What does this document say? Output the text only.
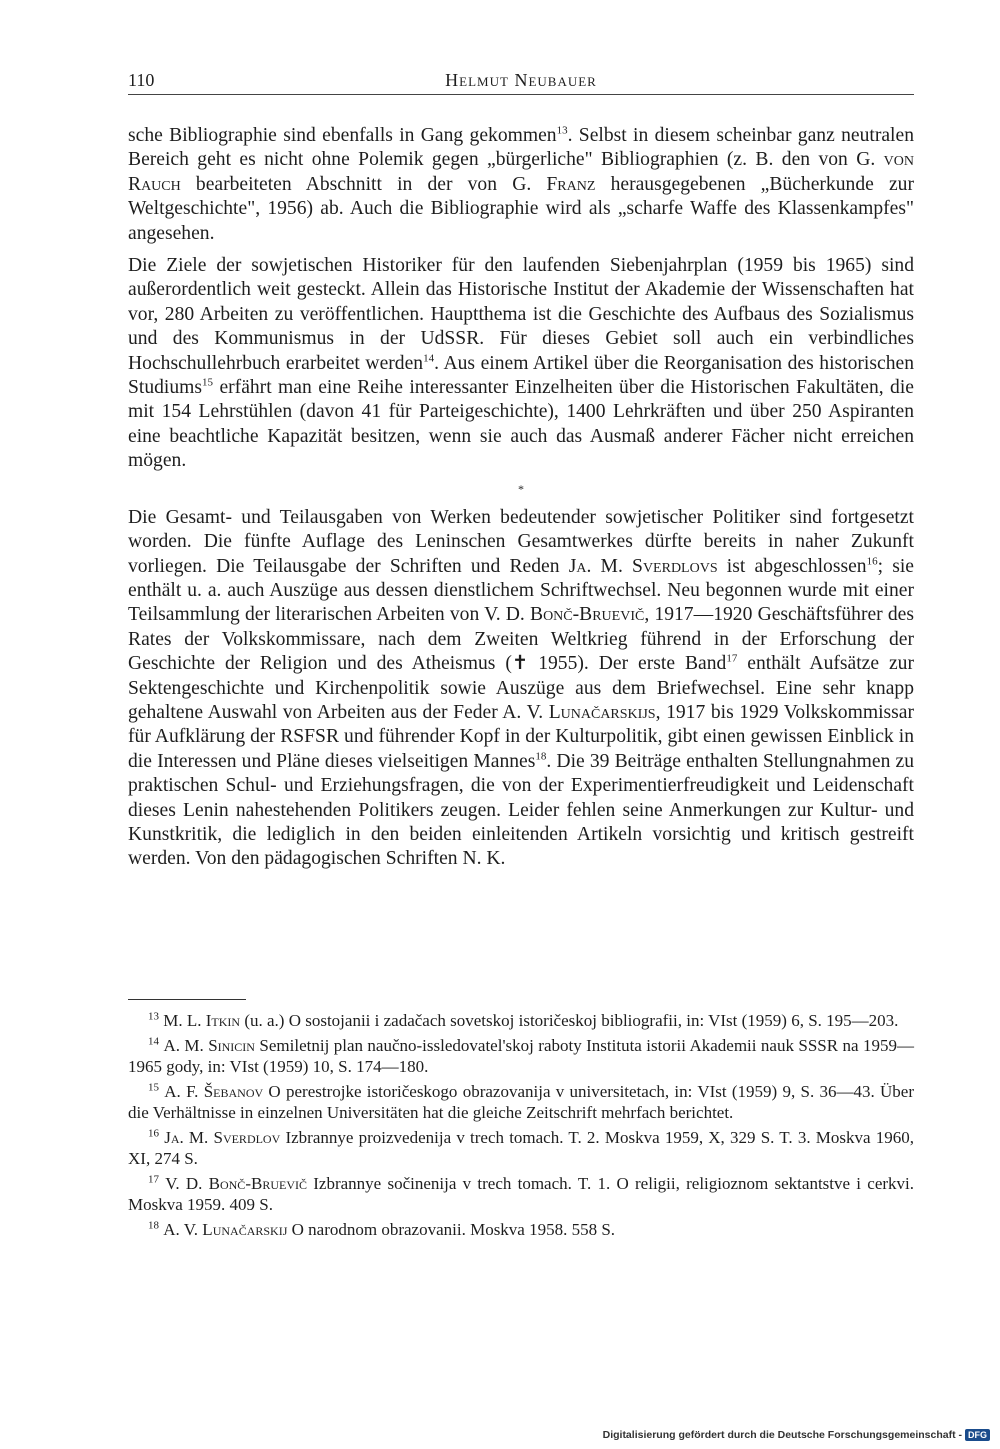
110	Helmut Neubauer

sche Bibliographie sind ebenfalls in Gang gekommen$^{13}$. Selbst in diesem scheinbar ganz neutralen Bereich geht es nicht ohne Polemik gegen „bürgerliche" Bibliographien (z. B. den von G. von Rauch bearbeiteten Abschnitt in der von G. Franz herausgegebenen „Bücherkunde zur Weltgeschichte", 1956) ab. Auch die Bibliographie wird als „scharfe Waffe des Klassenkampfes" angesehen.

Die Ziele der sowjetischen Historiker für den laufenden Siebenjahrplan (1959 bis 1965) sind außerordentlich weit gesteckt. Allein das Historische Institut der Akademie der Wissenschaften hat vor, 280 Arbeiten zu veröffentlichen. Hauptthema ist die Geschichte des Aufbaus des Sozialismus und des Kommunismus in der UdSSR. Für dieses Gebiet soll auch ein verbindliches Hochschullehrbuch erarbeitet werden$^{14}$. Aus einem Artikel über die Reorganisation des historischen Studiums$^{15}$ erfährt man eine Reihe interessanter Einzelheiten über die Historischen Fakultäten, die mit 154 Lehrstühlen (davon 41 für Parteigeschichte), 1400 Lehrkräften und über 250 Aspiranten eine beachtliche Kapazität besitzen, wenn sie auch das Ausmaß anderer Fächer nicht erreichen mögen.

*

Die Gesamt- und Teilausgaben von Werken bedeutender sowjetischer Politiker sind fortgesetzt worden. Die fünfte Auflage des Leninschen Gesamtwerkes dürfte bereits in naher Zukunft vorliegen. Die Teilausgabe der Schriften und Reden Ja. M. Sverdlovs ist abgeschlossen$^{16}$; sie enthält u. a. auch Auszüge aus dessen dienstlichem Schriftwechsel. Neu begonnen wurde mit einer Teilsammlung der literarischen Arbeiten von V. D. Bonč-Bruevič, 1917—1920 Geschäftsführer des Rates der Volkskommissare, nach dem Zweiten Weltkrieg führend in der Erforschung der Geschichte der Religion und des Atheismus (✝ 1955). Der erste Band$^{17}$ enthält Aufsätze zur Sektengeschichte und Kirchenpolitik sowie Auszüge aus dem Briefwechsel. Eine sehr knapp gehaltene Auswahl von Arbeiten aus der Feder A. V. Lunačarskijs, 1917 bis 1929 Volkskommissar für Aufklärung der RSFSR und führender Kopf in der Kulturpolitik, gibt einen gewissen Einblick in die Interessen und Pläne dieses vielseitigen Mannes$^{18}$. Die 39 Beiträge enthalten Stellungnahmen zu praktischen Schul- und Erziehungsfragen, die von der Experimentierfreudigkeit und Leidenschaft dieses Lenin nahestehenden Politikers zeugen. Leider fehlen seine Anmerkungen zur Kultur- und Kunstkritik, die lediglich in den beiden einleitenden Artikeln vorsichtig und kritisch gestreift werden. Von den pädagogischen Schriften N. K.

$^{13}$ M. L. Itkin (u. a.) O sostojanii i zadačach sovetskoj istoričeskoj bibliografii, in: VIst (1959) 6, S. 195—203.

$^{14}$ A. M. Sinicin Semiletnij plan naučno-issledovatel'skoj raboty Instituta istorii Akademii nauk SSSR na 1959—1965 gody, in: VIst (1959) 10, S. 174—180.

$^{15}$ A. F. Šebanov O perestrojke istoričeskogo obrazovanija v universitetach, in: VIst (1959) 9, S. 36—43. Über die Verhältnisse in einzelnen Universitäten hat die gleiche Zeitschrift mehrfach berichtet.

$^{16}$ Ja. M. Sverdlov Izbrannye proizvedenija v trech tomach. T. 2. Moskva 1959, X, 329 S. T. 3. Moskva 1960, XI, 274 S.

$^{17}$ V. D. Bonč-Bruevič Izbrannye sočinenija v trech tomach. T. 1. O religii, religioznom sektantstve i cerkvi. Moskva 1959. 409 S.

$^{18}$ A. V. Lunačarskij O narodnom obrazovanii. Moskva 1958. 558 S.

Digitalisierung gefördert durch die Deutsche Forschungsgemeinschaft - DFG
